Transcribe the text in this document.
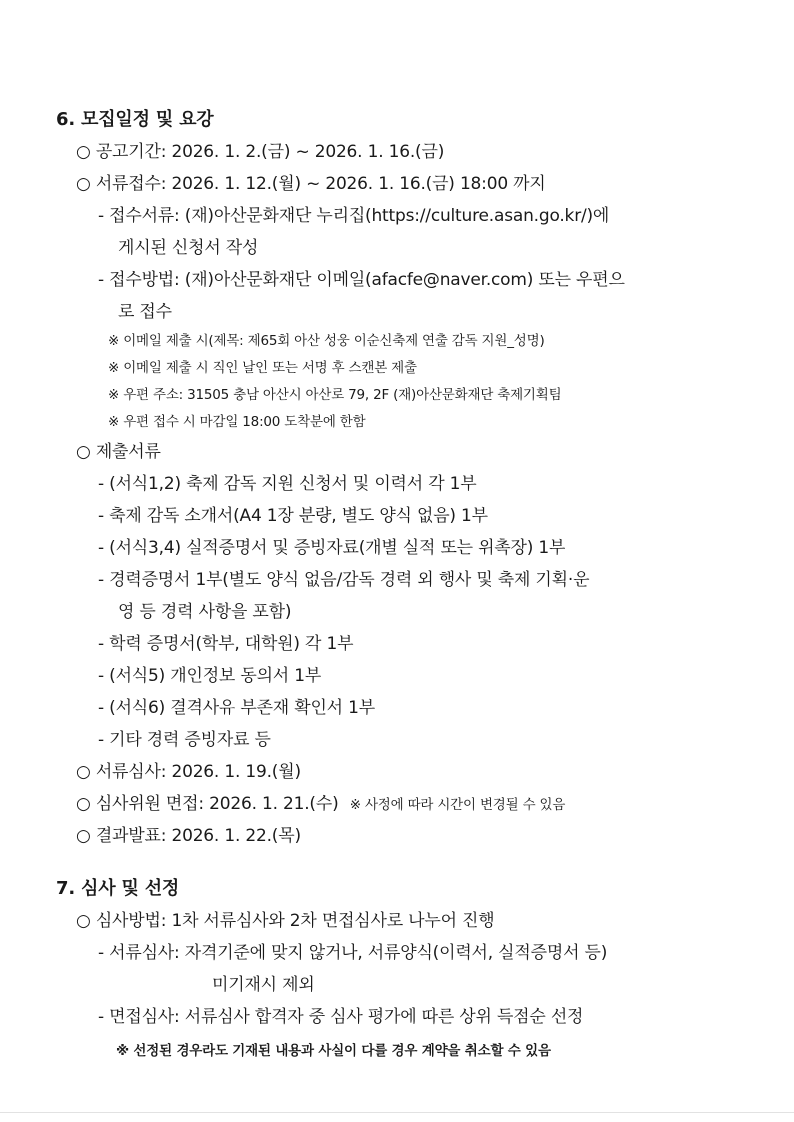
6. 모집일정 및 요강
○ 공고기간: 2026. 1. 2.(금) ~ 2026. 1. 16.(금)
○ 서류접수: 2026. 1. 12.(월) ~ 2026. 1. 16.(금) 18:00 까지
- 접수서류: (재)아산문화재단 누리집(https://culture.asan.go.kr/)에
게시된 신청서 작성
- 접수방법: (재)아산문화재단 이메일(afacfe@naver.com) 또는 우편으
로 접수
※ 이메일 제출 시(제목: 제65회 아산 성웅 이순신축제 연출 감독 지원_성명)
※ 이메일 제출 시 직인 날인 또는 서명 후 스캔본 제출
※ 우편 주소: 31505 충남 아산시 아산로 79, 2F (재)아산문화재단 축제기획팀
※ 우편 접수 시 마감일 18:00 도착분에 한함
○ 제출서류
- (서식1,2) 축제 감독 지원 신청서 및 이력서 각 1부
- 축제 감독 소개서(A4 1장 분량, 별도 양식 없음) 1부
- (서식3,4) 실적증명서 및 증빙자료(개별 실적 또는 위촉장) 1부
- 경력증명서 1부(별도 양식 없음/감독 경력 외 행사 및 축제 기획·운
영 등 경력 사항을 포함)
- 학력 증명서(학부, 대학원) 각 1부
- (서식5) 개인정보 동의서 1부
- (서식6) 결격사유 부존재 확인서 1부
- 기타 경력 증빙자료 등
○ 서류심사: 2026. 1. 19.(월)
○ 심사위원 면접: 2026. 1. 21.(수) ※ 사정에 따라 시간이 변경될 수 있음
○ 결과발표: 2026. 1. 22.(목)
7. 심사 및 선정
○ 심사방법: 1차 서류심사와 2차 면접심사로 나누어 진행
- 서류심사: 자격기준에 맞지 않거나, 서류양식(이력서, 실적증명서 등)
미기재시 제외
- 면접심사: 서류심사 합격자 중 심사 평가에 따른 상위 득점순 선정
※ 선정된 경우라도 기재된 내용과 사실이 다를 경우 계약을 취소할 수 있음
